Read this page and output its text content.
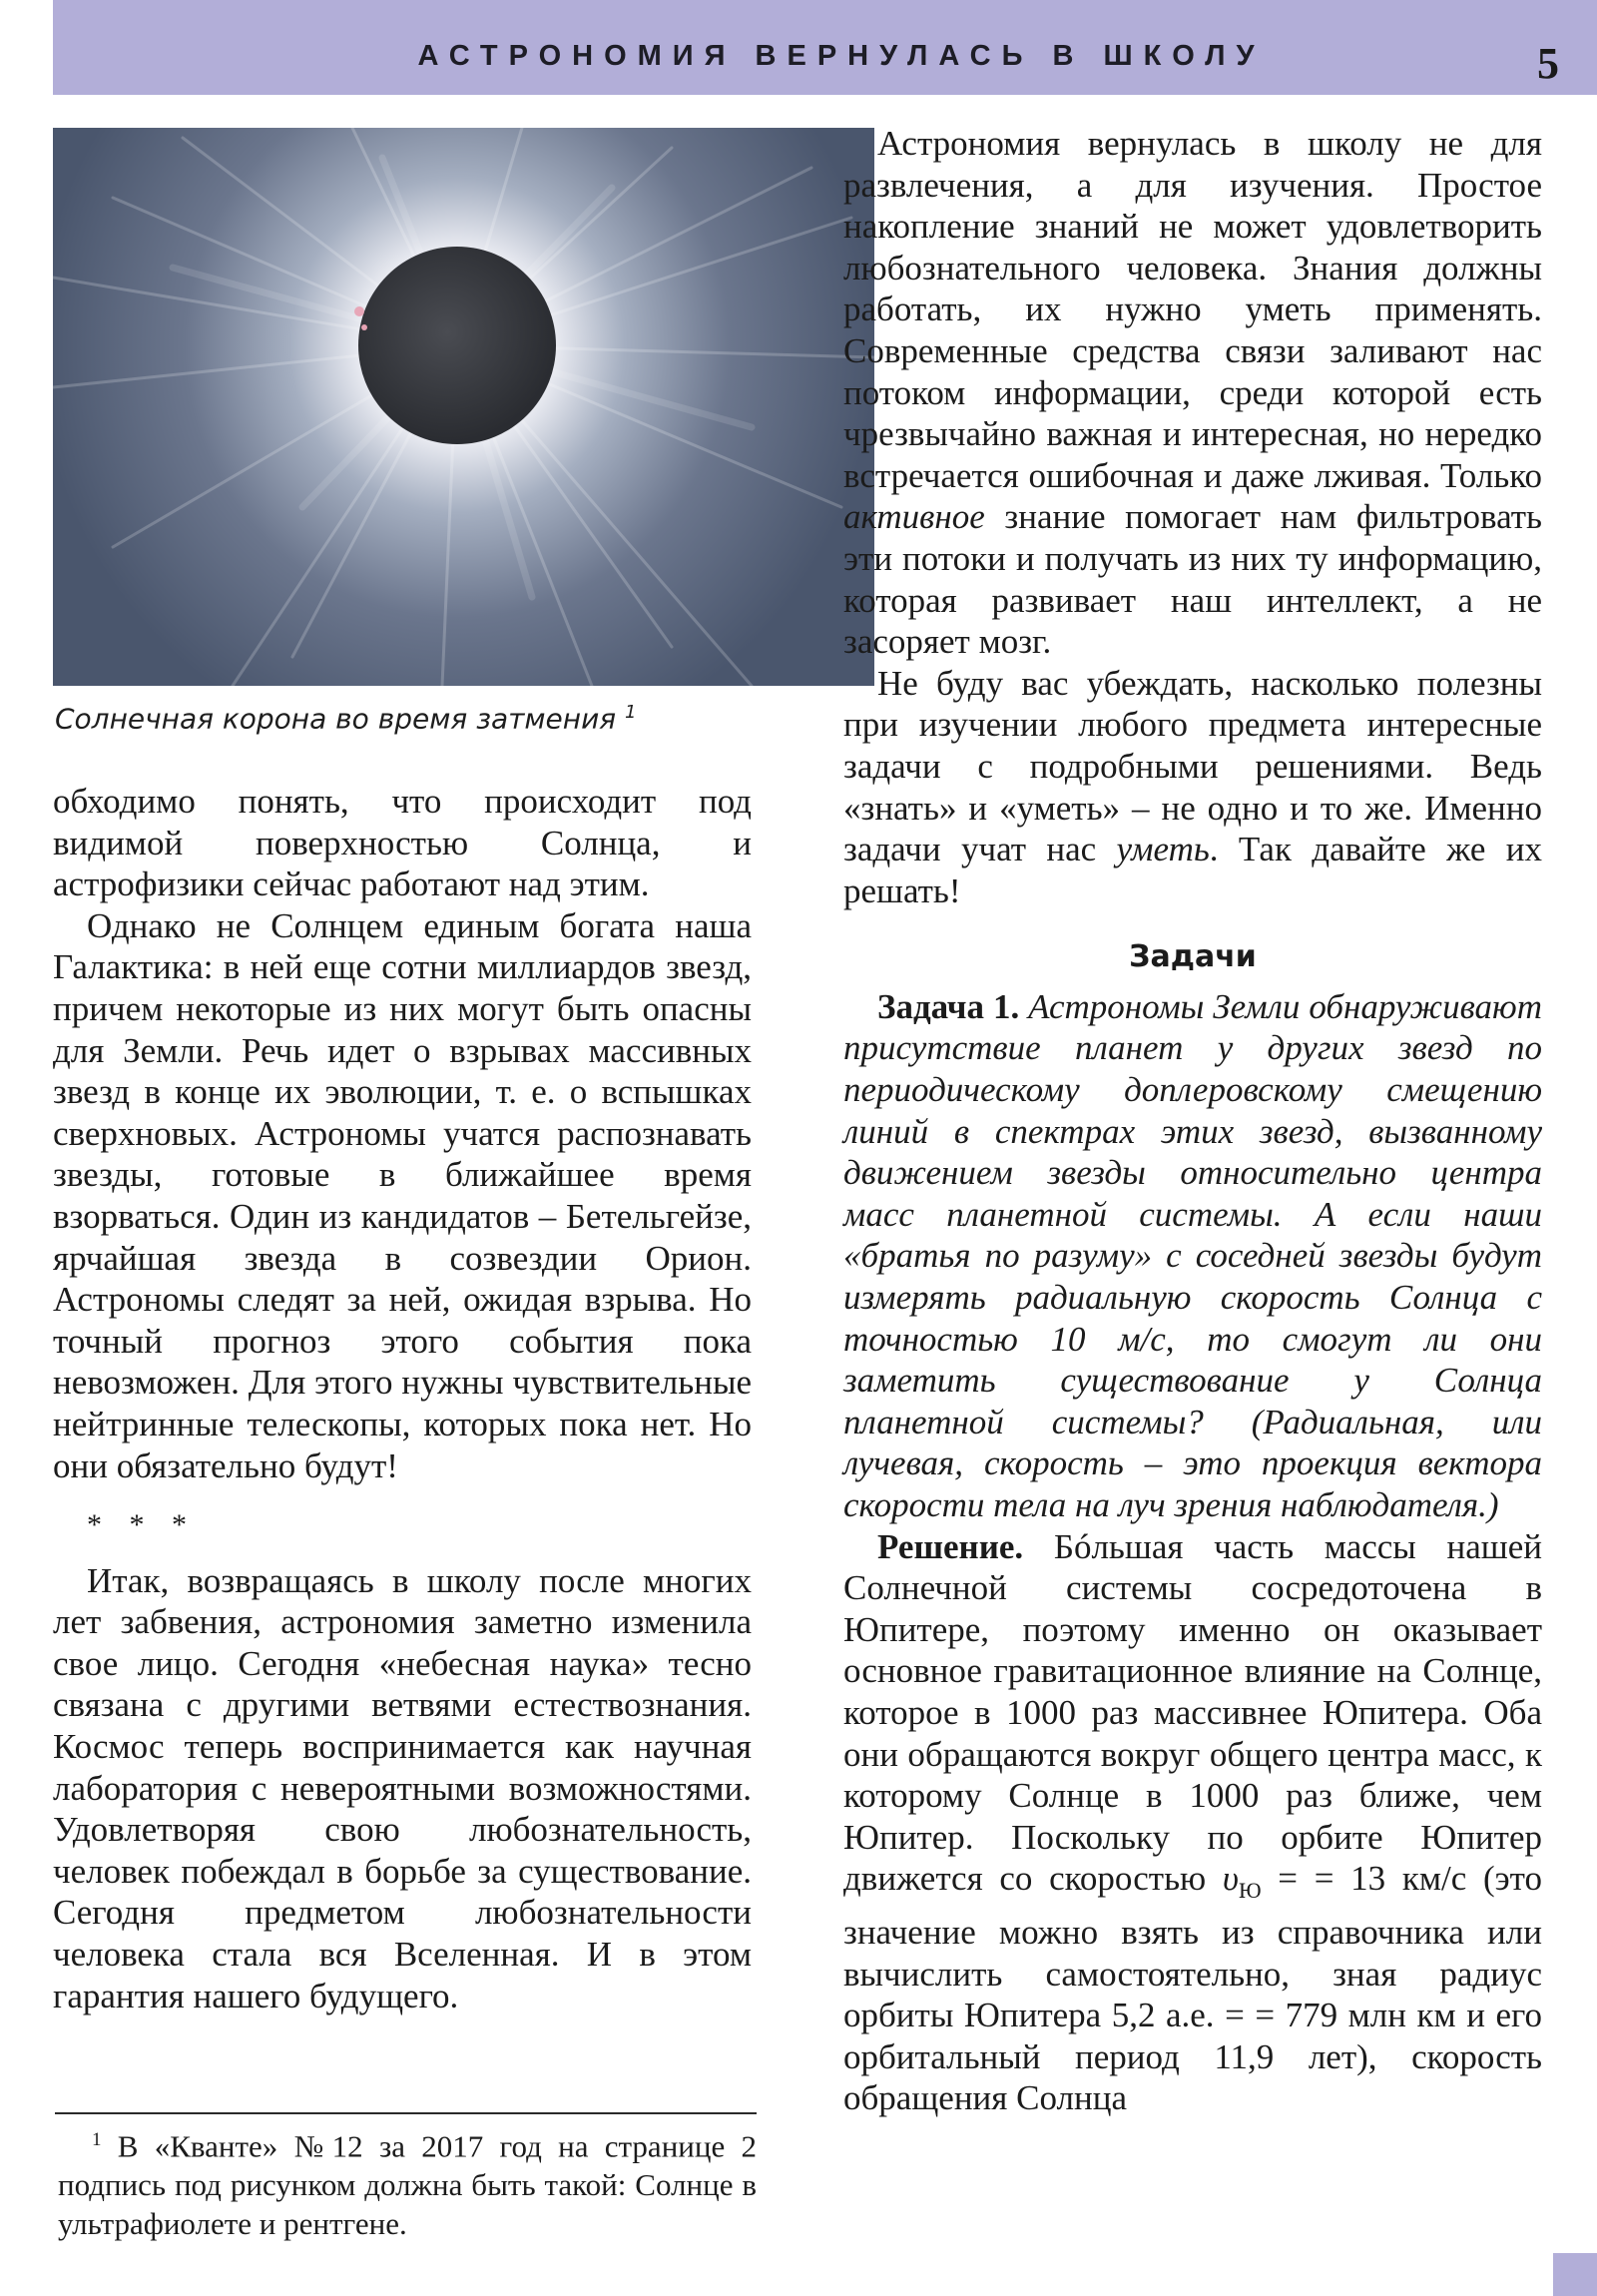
АСТРОНОМИЯ ВЕРНУЛАСЬ В ШКОЛУ	5
Солнечная корона во время затмения $^1$

обходимо понять, что происходит под видимой поверхностью Солнца, и астрофизики сейчас работают над этим.

Однако не Солнцем единым богата наша Галактика: в ней еще сотни миллиардов звезд, причем некоторые из них могут быть опасны для Земли. Речь идет о взрывах массивных звезд в конце их эволюции, т. е. о вспышках сверхновых. Астрономы учатся распознавать звезды, готовые в ближайшее время взорваться. Один из кандидатов – Бетельгейзе, ярчайшая звезда в созвездии Орион. Астрономы следят за ней, ожидая взрыва. Но точный прогноз этого события пока невозможен. Для этого нужны чувствительные нейтринные телескопы, которых пока нет. Но они обязательно будут!

* * *

Итак, возвращаясь в школу после многих лет забвения, астрономия заметно изменила свое лицо. Сегодня «небесная наука» тесно связана с другими ветвями естествознания. Космос теперь воспринимается как научная лаборатория с невероятными возможностями. Удовлетворяя свою любознательность, человек побеждал в борьбе за существование. Сегодня предметом любознательности человека стала вся Вселенная. И в этом гарантия нашего будущего.

$^1$ В «Кванте» №12 за 2017 год на странице 2 подпись под рисунком должна быть такой: Солнце в ультрафиолете и рентгене.

Астрономия вернулась в школу не для развлечения, а для изучения. Простое накопление знаний не может удовлетворить любознательного человека. Знания должны работать, их нужно уметь применять. Современные средства связи заливают нас потоком информации, среди которой есть чрезвычайно важная и интересная, но нередко встречается ошибочная и даже лживая. Только активное знание помогает нам фильтровать эти потоки и получать из них ту информацию, которая развивает наш интеллект, а не засоряет мозг.

Не буду вас убеждать, насколько полезны при изучении любого предмета интересные задачи с подробными решениями. Ведь «знать» и «уметь» – не одно и то же. Именно задачи учат нас уметь. Так давайте же их решать!

Задачи

Задача 1. Астрономы Земли обнаруживают присутствие планет у других звезд по периодическому доплеровскому смещению линий в спектрах этих звезд, вызванному движением звезды относительно центра масс планетной системы. А если наши «братья по разуму» с соседней звезды будут измерять радиальную скорость Солнца с точностью 10 м/с, то смогут ли они заметить существование у Солнца планетной системы? (Радиальная, или лучевая, скорость – это проекция вектора скорости тела на луч зрения наблюдателя.)

Решение. Бóльшая часть массы нашей Солнечной системы сосредоточена в Юпитере, поэтому именно он оказывает основное гравитационное влияние на Солнце, которое в 1000 раз массивнее Юпитера. Оба они обращаются вокруг общего центра масс, к которому Солнце в 1000 раз ближе, чем Юпитер. Поскольку по орбите Юпитер движется со скоростью $\upsilon_Ю$ = = 13 км/с (это значение можно взять из справочника или вычислить самостоятельно, зная радиус орбиты Юпитера 5,2 а.е. = = 779 млн км и его орбитальный период 11,9 лет), скорость обращения Солнца
